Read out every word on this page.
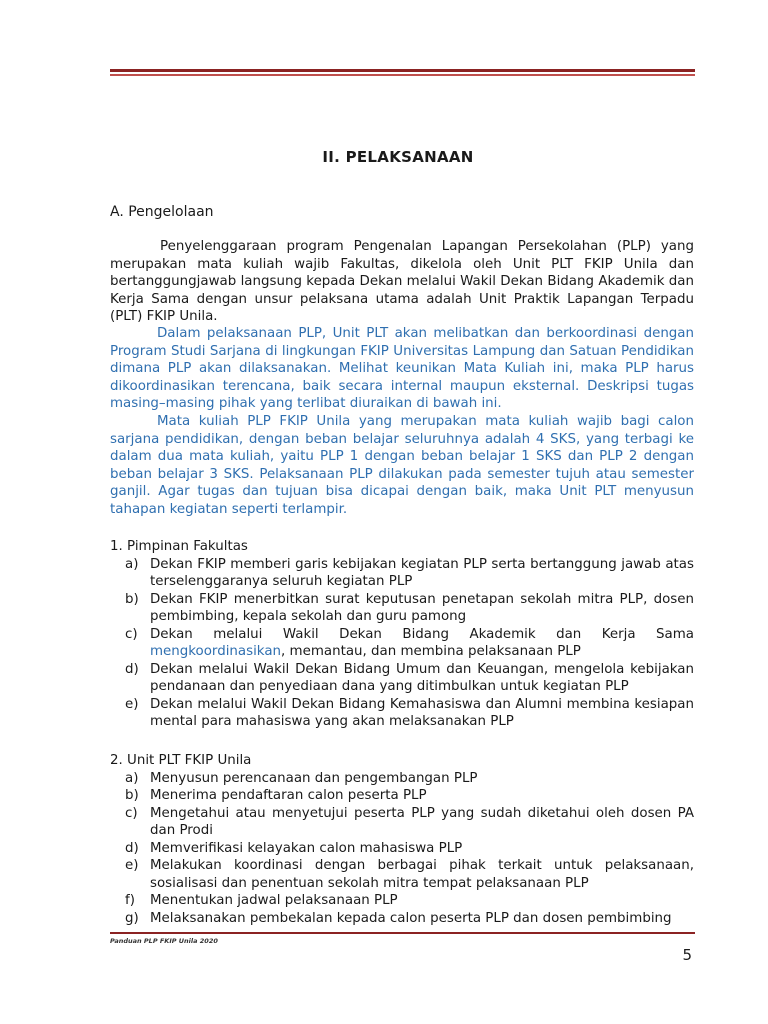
II. PELAKSANAAN
A. Pengelolaan

Penyelenggaraan program Pengenalan Lapangan Persekolahan (PLP) yang merupakan mata kuliah wajib Fakultas, dikelola oleh Unit PLT FKIP Unila dan bertanggungjawab langsung kepada Dekan melalui Wakil Dekan Bidang Akademik dan Kerja Sama dengan unsur pelaksana utama adalah Unit Praktik Lapangan Terpadu (PLT) FKIP Unila.

Dalam pelaksanaan PLP, Unit PLT akan melibatkan dan berkoordinasi dengan Program Studi Sarjana di lingkungan FKIP Universitas Lampung dan Satuan Pendidikan dimana PLP akan dilaksanakan. Melihat keunikan Mata Kuliah ini, maka PLP harus dikoordinasikan terencana, baik secara internal maupun eksternal. Deskripsi tugas masing–masing pihak yang terlibat diuraikan di bawah ini.

Mata kuliah PLP FKIP Unila yang merupakan mata kuliah wajib bagi calon sarjana pendidikan, dengan beban belajar seluruhnya adalah 4 SKS, yang terbagi ke dalam dua mata kuliah, yaitu PLP 1 dengan beban belajar 1 SKS dan PLP 2 dengan beban belajar 3 SKS. Pelaksanaan PLP dilakukan pada semester tujuh atau semester ganjil. Agar tugas dan tujuan bisa dicapai dengan baik, maka Unit PLT menyusun tahapan kegiatan seperti terlampir.

1. Pimpinan Fakultas
a) Dekan FKIP memberi garis kebijakan kegiatan PLP serta bertanggung jawab atas terselenggaranya seluruh kegiatan PLP
b) Dekan FKIP menerbitkan surat keputusan penetapan sekolah mitra PLP, dosen pembimbing, kepala sekolah dan guru pamong
c) Dekan melalui Wakil Dekan Bidang Akademik dan Kerja Sama mengkoordinasikan, memantau, dan membina pelaksanaan PLP
d) Dekan melalui Wakil Dekan Bidang Umum dan Keuangan, mengelola kebijakan pendanaan dan penyediaan dana yang ditimbulkan untuk kegiatan PLP
e) Dekan melalui Wakil Dekan Bidang Kemahasiswa dan Alumni membina kesiapan mental para mahasiswa yang akan melaksanakan PLP
2. Unit PLT FKIP Unila
a) Menyusun perencanaan dan pengembangan PLP
b) Menerima pendaftaran calon peserta PLP
c) Mengetahui atau menyetujui peserta PLP yang sudah diketahui oleh dosen PA dan Prodi
d) Memverifikasi kelayakan calon mahasiswa PLP
e) Melakukan koordinasi dengan berbagai pihak terkait untuk pelaksanaan, sosialisasi dan penentuan sekolah mitra tempat pelaksanaan PLP
f) Menentukan jadwal pelaksanaan PLP
g) Melaksanakan pembekalan kepada calon peserta PLP dan dosen pembimbing
Panduan PLP FKIP Unila 2020
5
